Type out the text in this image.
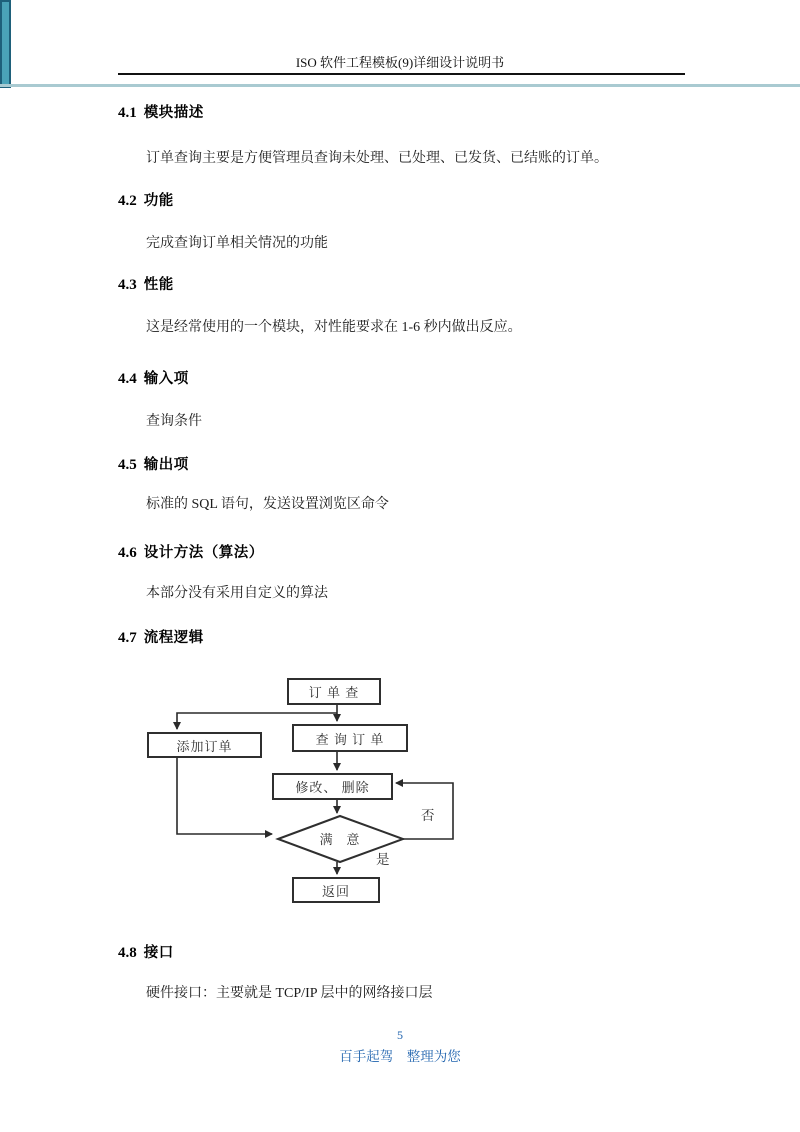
ISO 软件工程模板(9)详细设计说明书
4.1 模块描述
订单查询主要是方便管理员查询未处理、已处理、已发货、已结账的订单。
4.2 功能
完成查询订单相关情况的功能
4.3 性能
这是经常使用的一个模块，对性能要求在 1-6 秒内做出反应。
4.4 输入项
查询条件
4.5 输出项
标准的 SQL 语句，发送设置浏览区命令
4.6 设计方法（算法）
本部分没有采用自定义的算法
4.7 流程逻辑
订 单 查
查 询 订 单
添加订单
修改、 删除
满   意
返回
否
是
4.8 接口
硬件接口：主要就是 TCP/IP 层中的网络接口层
5
百手起驾　整理为您
